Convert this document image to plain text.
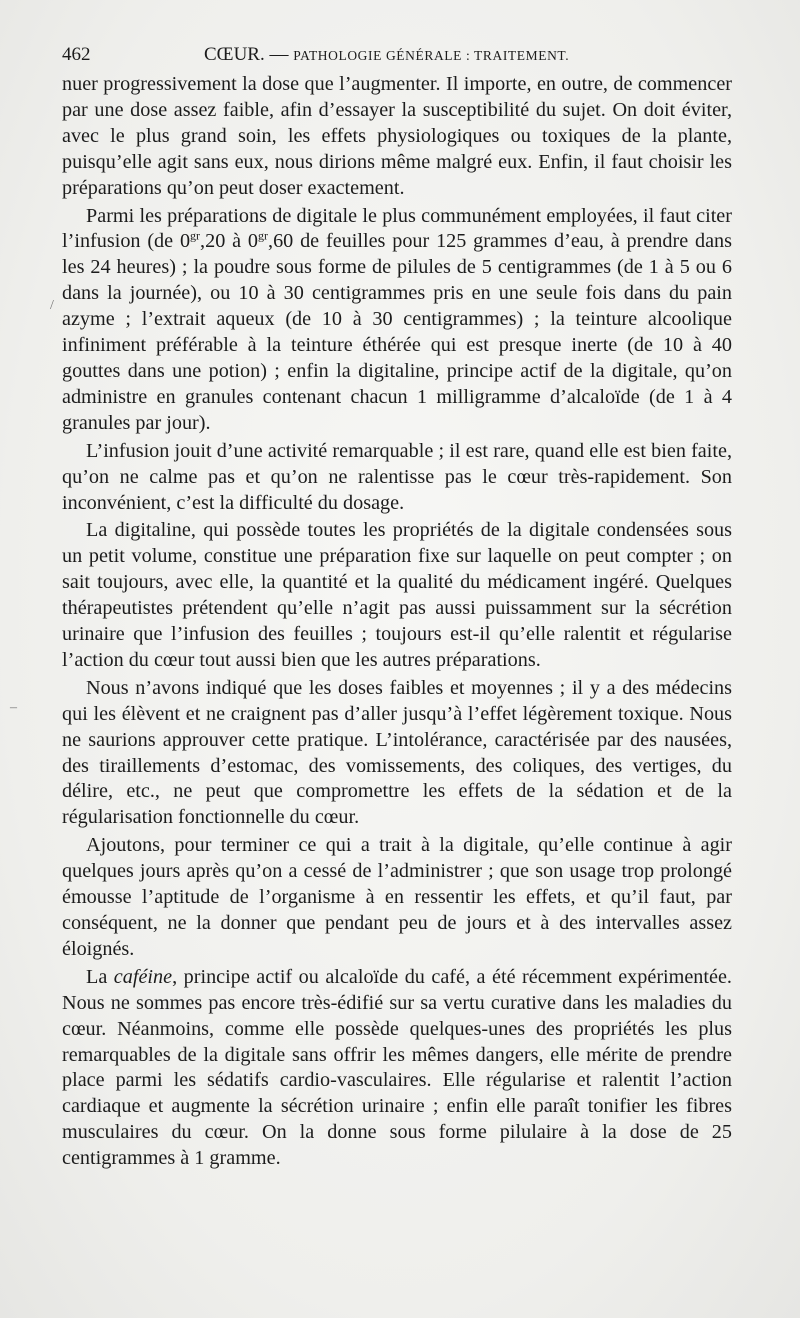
462	CŒUR. — PATHOLOGIE GÉNÉRALE : TRAITEMENT.

nuer progressivement la dose que l’augmenter. Il importe, en outre, de commencer par une dose assez faible, afin d’essayer la susceptibilité du sujet. On doit éviter, avec le plus grand soin, les effets physiologiques ou toxiques de la plante, puisqu’elle agit sans eux, nous dirions même malgré eux. Enfin, il faut choisir les préparations qu’on peut doser exactement.

Parmi les préparations de digitale le plus communément employées, il faut citer l’infusion (de $0^{gr},20$ à $0^{gr},60$ de feuilles pour 125 grammes d’eau, à prendre dans les 24 heures) ; la poudre sous forme de pilules de 5 centigrammes (de 1 à 5 ou 6 dans la journée), ou 10 à 30 centigrammes pris en une seule fois dans du pain azyme ; l’extrait aqueux (de 10 à 30 centigrammes) ; la teinture alcoolique infiniment préférable à la teinture éthérée qui est presque inerte (de 10 à 40 gouttes dans une potion) ; enfin la digitaline, principe actif de la digitale, qu’on administre en granules contenant chacun 1 milligramme d’alcaloïde (de 1 à 4 granules par jour).

L’infusion jouit d’une activité remarquable ; il est rare, quand elle est bien faite, qu’on ne calme pas et qu’on ne ralentisse pas le cœur très-rapidement. Son inconvénient, c’est la difficulté du dosage.

La digitaline, qui possède toutes les propriétés de la digitale condensées sous un petit volume, constitue une préparation fixe sur laquelle on peut compter ; on sait toujours, avec elle, la quantité et la qualité du médicament ingéré. Quelques thérapeutistes prétendent qu’elle n’agit pas aussi puissamment sur la sécrétion urinaire que l’infusion des feuilles ; toujours est-il qu’elle ralentit et régularise l’action du cœur tout aussi bien que les autres préparations.

Nous n’avons indiqué que les doses faibles et moyennes ; il y a des médecins qui les élèvent et ne craignent pas d’aller jusqu’à l’effet légèrement toxique. Nous ne saurions approuver cette pratique. L’intolérance, caractérisée par des nausées, des tiraillements d’estomac, des vomissements, des coliques, des vertiges, du délire, etc., ne peut que compromettre les effets de la sédation et de la régularisation fonctionnelle du cœur.

Ajoutons, pour terminer ce qui a trait à la digitale, qu’elle continue à agir quelques jours après qu’on a cessé de l’administrer ; que son usage trop prolongé émousse l’aptitude de l’organisme à en ressentir les effets, et qu’il faut, par conséquent, ne la donner que pendant peu de jours et à des intervalles assez éloignés.

La caféine, principe actif ou alcaloïde du café, a été récemment expérimentée. Nous ne sommes pas encore très-édifié sur sa vertu curative dans les maladies du cœur. Néanmoins, comme elle possède quelques-unes des propriétés les plus remarquables de la digitale sans offrir les mêmes dangers, elle mérite de prendre place parmi les sédatifs cardio-vasculaires. Elle régularise et ralentit l’action cardiaque et augmente la sécrétion urinaire ; enfin elle paraît tonifier les fibres musculaires du cœur. On la donne sous forme pilulaire à la dose de 25 centigrammes à 1 gramme.

/
–
